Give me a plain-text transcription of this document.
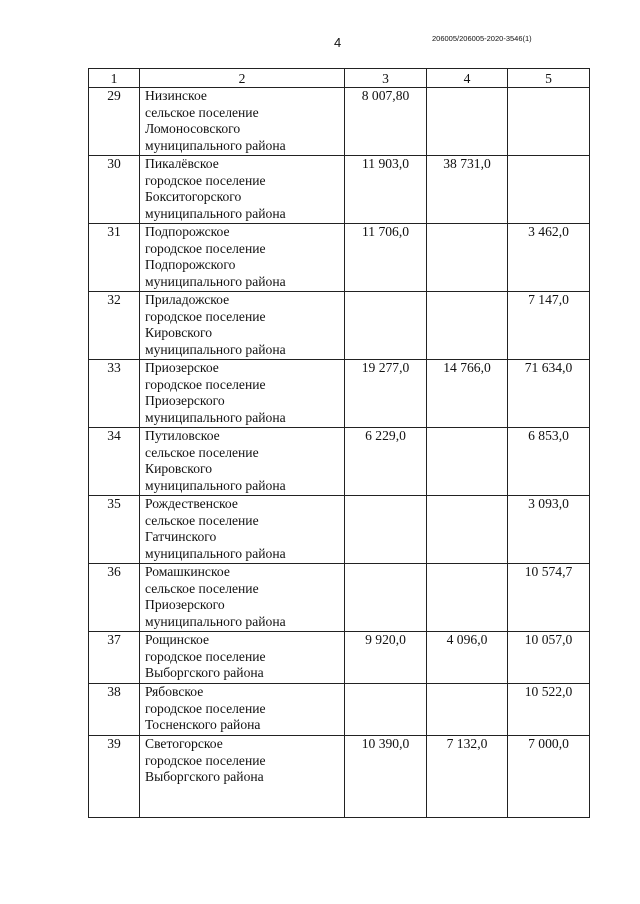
4	206005/206005-2020-3546(1)
1	2	3	4	5
29	Низинское
сельское поселение
Ломоносовского
муниципального района	8 007,80		
30	Пикалёвское
городское поселение
Бокситогорского
муниципального района	11 903,0	38 731,0	
31	Подпорожское
городское поселение
Подпорожского
муниципального района	11 706,0		3 462,0
32	Приладожское
городское поселение
Кировского
муниципального района			7 147,0
33	Приозерское
городское поселение
Приозерского
муниципального района	19 277,0	14 766,0	71 634,0
34	Путиловское
сельское поселение
Кировского
муниципального района	6 229,0		6 853,0
35	Рождественское
сельское поселение
Гатчинского
муниципального района			3 093,0
36	Ромашкинское
сельское поселение
Приозерского
муниципального района			10 574,7
37	Рощинское
городское поселение
Выборгского района	9 920,0	4 096,0	10 057,0
38	Рябовское
городское поселение
Тосненского района			10 522,0
39	Светогорское
городское поселение
Выборгского района	10 390,0	7 132,0	7 000,0
